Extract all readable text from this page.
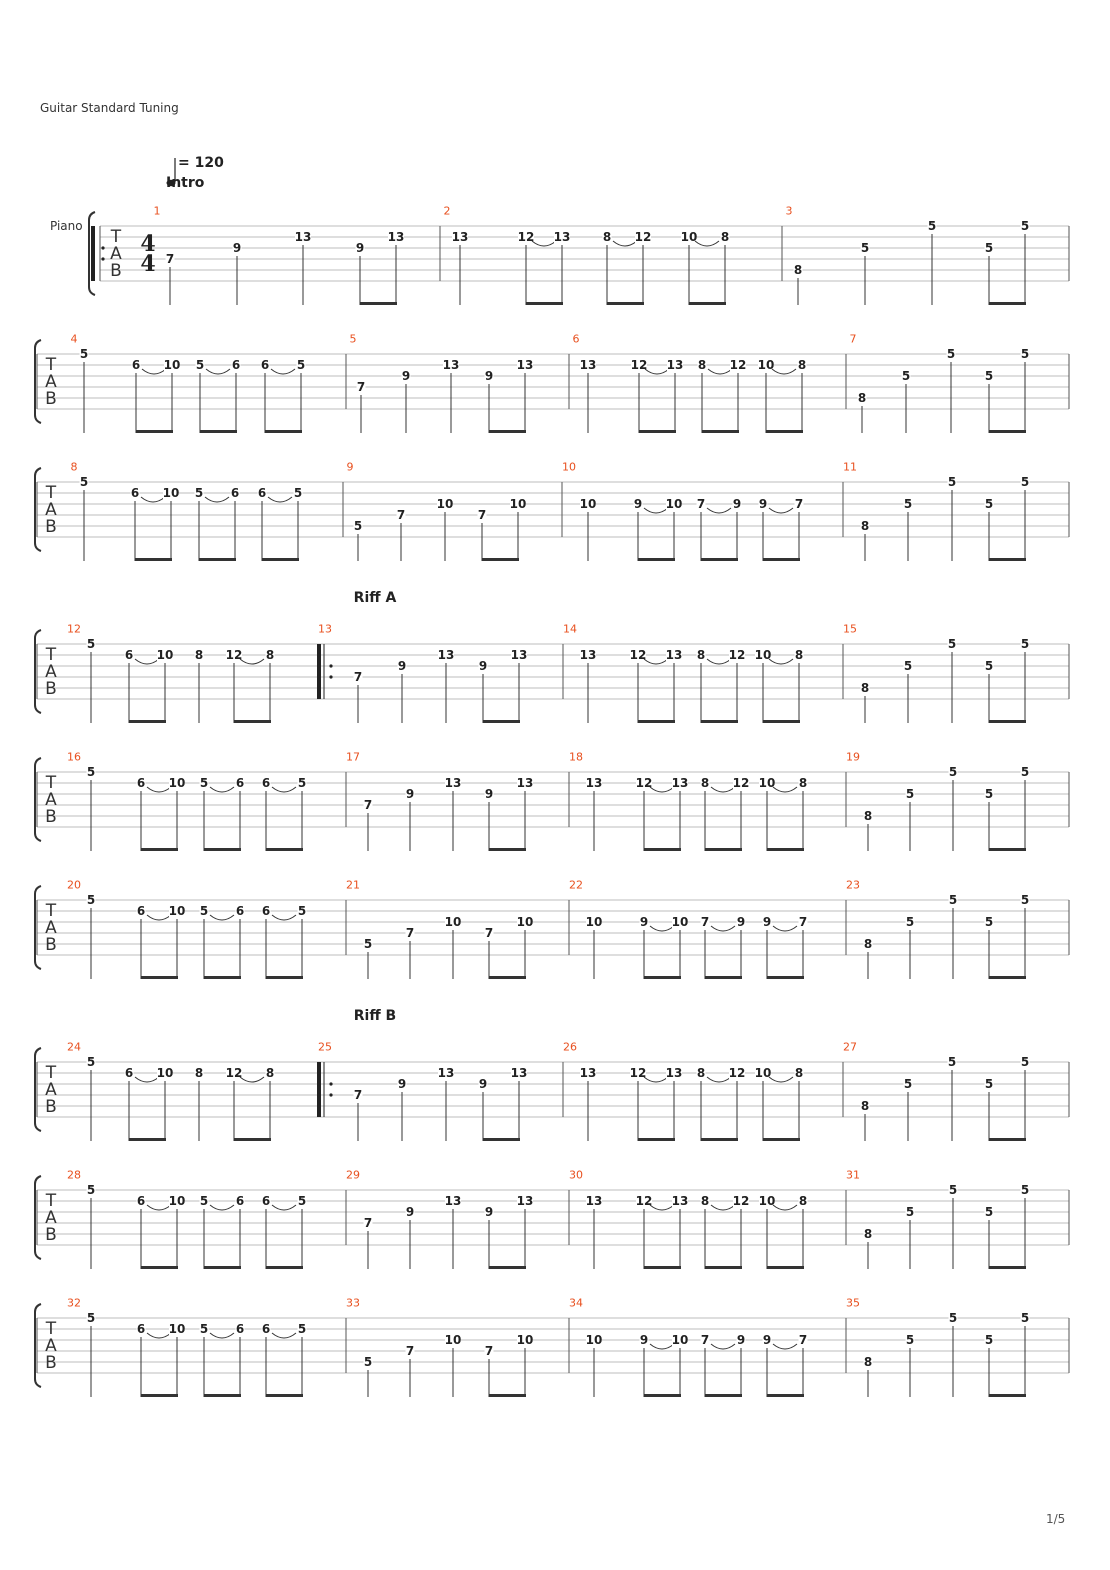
Guitar Standard Tuning
= 120
Intro
Piano
1/5
T
A
B
4
4
1
7
9
13
9
13
2
13	12 13	8 12 10 8
3
8
5
5
5
5
T
A
B
4
5
6 10 5 6 6 5
5
7
9
13
9
13
6
13	12 13 8 12 10 8
7
8
5
5
5
5
T
A
B
8
5
6 10 5 6 6 5
9
5
7
10
7
10
10
10	9 10 7 9 9 7
11
8
5
5
5
5
T
A
B
12
5
6 10 8 12 8
Riff A
13
7
9
13
9
13
14
13	12 13 8 12 10 8
15
8
5
5
5
5
T
A
B
16
5
6 10 5 6 6 5
17
7
9
13
9
13
18
13	12 13 8 12 10 8
19
8
5
5
5
5
T
A
B
20
5
6 10 5 6 6 5
21
5
7
10
7
10
22
10	9 10 7 9 9 7
23
8
5
5
5
5
T
A
B
24
5
6 10 8 12 8
Riff B
25
7
9
13
9
13
26
13	12 13 8 12 10 8
27
8
5
5
5
5
T
A
B
28
5
6 10 5 6 6 5
29
7
9
13
9
13
30
13	12 13 8 12 10 8
31
8
5
5
5
5
T
A
B
32
5
6 10 5 6 6 5
33
5
7
10
7
10
34
10	9 10 7 9 9 7
35
8
5
5
5
5
